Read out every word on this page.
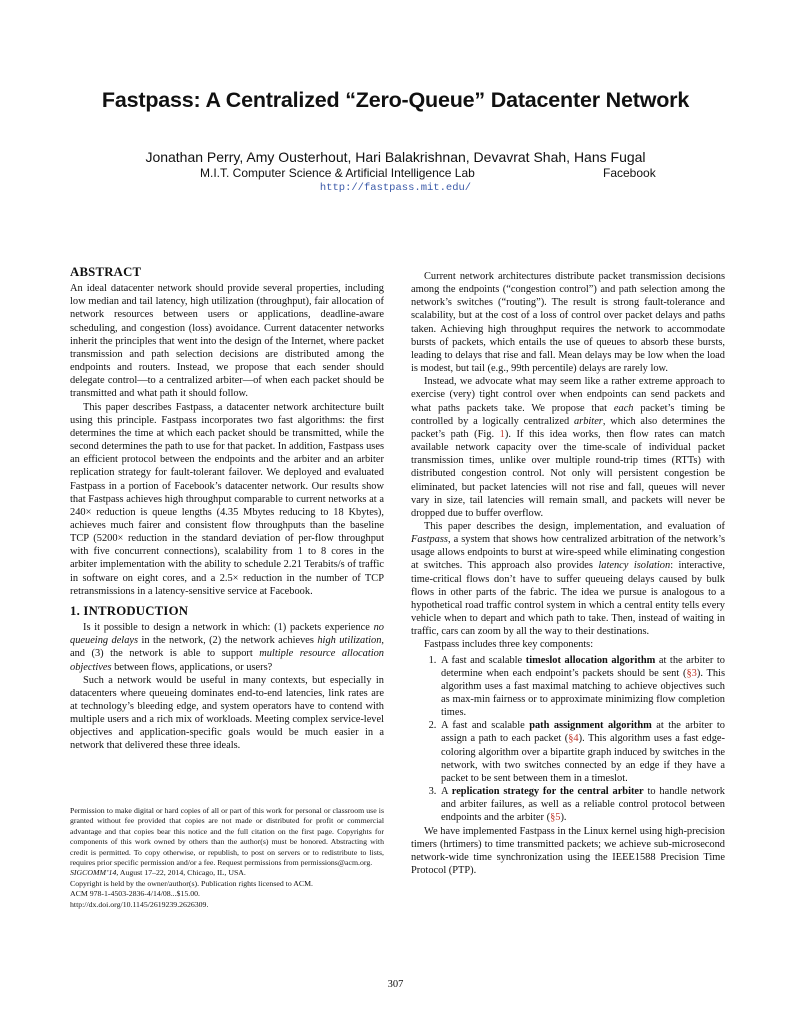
Fastpass: A Centralized “Zero-Queue” Datacenter Network
Jonathan Perry, Amy Ousterhout, Hari Balakrishnan, Devavrat Shah, Hans Fugal
M.I.T. Computer Science & Artificial Intelligence Lab	Facebook
http://fastpass.mit.edu/
ABSTRACT

An ideal datacenter network should provide several properties, including low median and tail latency, high utilization (throughput), fair allocation of network resources between users or applications, deadline-aware scheduling, and congestion (loss) avoidance. Current datacenter networks inherit the principles that went into the design of the Internet, where packet transmission and path selection decisions are distributed among the endpoints and routers. Instead, we propose that each sender should delegate control—to a centralized arbiter—of when each packet should be transmitted and what path it should follow.

This paper describes Fastpass, a datacenter network architecture built using this principle. Fastpass incorporates two fast algorithms: the first determines the time at which each packet should be transmitted, while the second determines the path to use for that packet. In addition, Fastpass uses an efficient protocol between the endpoints and the arbiter and an arbiter replication strategy for fault-tolerant failover. We deployed and evaluated Fastpass in a portion of Facebook’s datacenter network. Our results show that Fastpass achieves high throughput comparable to current networks at a 240× reduction is queue lengths (4.35 Mbytes reducing to 18 Kbytes), achieves much fairer and consistent flow throughputs than the baseline TCP (5200× reduction in the standard deviation of per-flow throughput with five concurrent connections), scalability from 1 to 8 cores in the arbiter implementation with the ability to schedule 2.21 Terabits/s of traffic in software on eight cores, and a 2.5× reduction in the number of TCP retransmissions in a latency-sensitive service at Facebook.

1. INTRODUCTION

Is it possible to design a network in which: (1) packets experience no queueing delays in the network, (2) the network achieves high utilization, and (3) the network is able to support multiple resource allocation objectives between flows, applications, or users?

Such a network would be useful in many contexts, but especially in datacenters where queueing dominates end-to-end latencies, link rates are at technology’s bleeding edge, and system operators have to contend with multiple users and a rich mix of workloads. Meeting complex service-level objectives and application-specific goals would be much easier in a network that delivered these three ideals.

Permission to make digital or hard copies of all or part of this work for personal or classroom use is granted without fee provided that copies are not made or distributed for profit or commercial advantage and that copies bear this notice and the full citation on the first page. Copyrights for components of this work owned by others than the author(s) must be honored. Abstracting with credit is permitted. To copy otherwise, or republish, to post on servers or to redistribute to lists, requires prior specific permission and/or a fee. Request permissions from permissions@acm.org.

SIGCOMM’14, August 17–22, 2014, Chicago, IL, USA.

Copyright is held by the owner/author(s). Publication rights licensed to ACM.

ACM 978-1-4503-2836-4/14/08...$15.00.

http://dx.doi.org/10.1145/2619239.2626309.

Current network architectures distribute packet transmission decisions among the endpoints (“congestion control”) and path selection among the network’s switches (“routing”). The result is strong fault-tolerance and scalability, but at the cost of a loss of control over packet delays and paths taken. Achieving high throughput requires the network to accommodate bursts of packets, which entails the use of queues to absorb these bursts, leading to delays that rise and fall. Mean delays may be low when the load is modest, but tail (e.g., 99th percentile) delays are rarely low.

Instead, we advocate what may seem like a rather extreme approach to exercise (very) tight control over when endpoints can send packets and what paths packets take. We propose that each packet’s timing be controlled by a logically centralized arbiter, which also determines the packet’s path (Fig. 1). If this idea works, then flow rates can match available network capacity over the time-scale of individual packet transmission times, unlike over multiple round-trip times (RTTs) with distributed congestion control. Not only will persistent congestion be eliminated, but packet latencies will not rise and fall, queues will never vary in size, tail latencies will remain small, and packets will never be dropped due to buffer overflow.

This paper describes the design, implementation, and evaluation of Fastpass, a system that shows how centralized arbitration of the network’s usage allows endpoints to burst at wire-speed while eliminating congestion at switches. This approach also provides latency isolation: interactive, time-critical flows don’t have to suffer queueing delays caused by bulk flows in other parts of the fabric. The idea we pursue is analogous to a hypothetical road traffic control system in which a central entity tells every vehicle when to depart and which path to take. Then, instead of waiting in traffic, cars can zoom by all the way to their destinations.

Fastpass includes three key components:

1. A fast and scalable timeslot allocation algorithm at the arbiter to determine when each endpoint’s packets should be sent (§3). This algorithm uses a fast maximal matching to achieve objectives such as max-min fairness or to approximate minimizing flow completion times.
2. A fast and scalable path assignment algorithm at the arbiter to assign a path to each packet (§4). This algorithm uses a fast edge-coloring algorithm over a bipartite graph induced by switches in the network, with two switches connected by an edge if they have a packet to be sent between them in a timeslot.
3. A replication strategy for the central arbiter to handle network and arbiter failures, as well as a reliable control protocol between endpoints and the arbiter (§5).

We have implemented Fastpass in the Linux kernel using high-precision timers (hrtimers) to time transmitted packets; we achieve sub-microsecond network-wide time synchronization using the IEEE1588 Precision Time Protocol (PTP).

307
